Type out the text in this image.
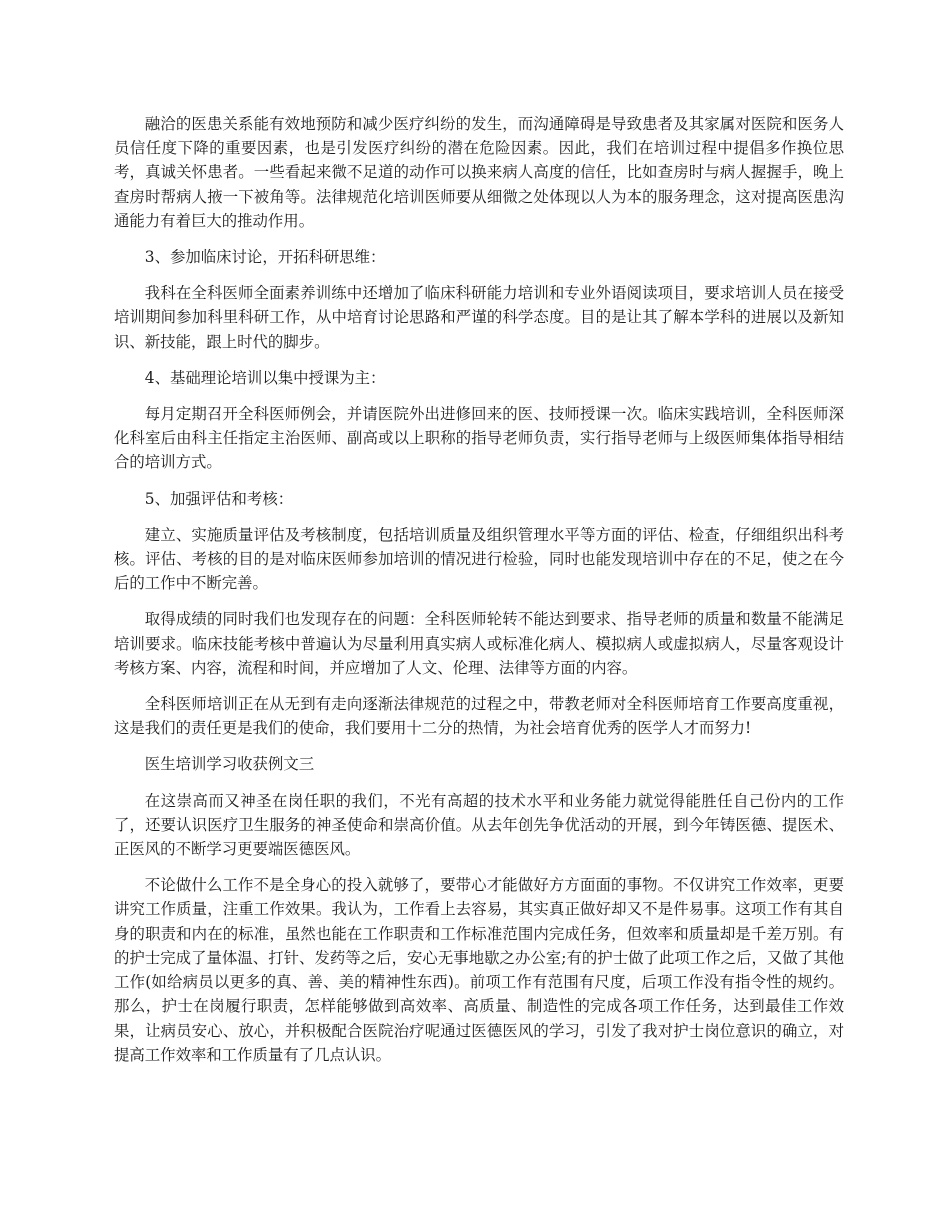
融洽的医患关系能有效地预防和减少医疗纠纷的发生，而沟通障碍是导致患者及其家属对医院和医务人员信任度下降的重要因素，也是引发医疗纠纷的潜在危险因素。因此，我们在培训过程中提倡多作换位思考，真诚关怀患者。一些看起来微不足道的动作可以换来病人高度的信任，比如查房时与病人握握手，晚上查房时帮病人掖一下被角等。法律规范化培训医师要从细微之处体现以人为本的服务理念，这对提高医患沟通能力有着巨大的推动作用。

3、参加临床讨论，开拓科研思维：

我科在全科医师全面素养训练中还增加了临床科研能力培训和专业外语阅读项目，要求培训人员在接受培训期间参加科里科研工作，从中培育讨论思路和严谨的科学态度。目的是让其了解本学科的进展以及新知识、新技能，跟上时代的脚步。

4、基础理论培训以集中授课为主：

每月定期召开全科医师例会，并请医院外出进修回来的医、技师授课一次。临床实践培训，全科医师深化科室后由科主任指定主治医师、副高或以上职称的指导老师负责，实行指导老师与上级医师集体指导相结合的培训方式。

5、加强评估和考核：

建立、实施质量评估及考核制度，包括培训质量及组织管理水平等方面的评估、检查，仔细组织出科考核。评估、考核的目的是对临床医师参加培训的情况进行检验，同时也能发现培训中存在的不足，使之在今后的工作中不断完善。

取得成绩的同时我们也发现存在的问题：全科医师轮转不能达到要求、指导老师的质量和数量不能满足培训要求。临床技能考核中普遍认为尽量利用真实病人或标准化病人、模拟病人或虚拟病人，尽量客观设计考核方案、内容，流程和时间，并应增加了人文、伦理、法律等方面的内容。

全科医师培训正在从无到有走向逐渐法律规范的过程之中，带教老师对全科医师培育工作要高度重视，这是我们的责任更是我们的使命，我们要用十二分的热情，为社会培育优秀的医学人才而努力!

医生培训学习收获例文三

在这崇高而又神圣在岗任职的我们，不光有高超的技术水平和业务能力就觉得能胜任自己份内的工作了，还要认识医疗卫生服务的神圣使命和崇高价值。从去年创先争优活动的开展，到今年铸医德、提医术、正医风的不断学习更要端医德医风。

不论做什么工作不是全身心的投入就够了，要带心才能做好方方面面的事物。不仅讲究工作效率，更要讲究工作质量，注重工作效果。我认为，工作看上去容易，其实真正做好却又不是件易事。这项工作有其自身的职责和内在的标准，虽然也能在工作职责和工作标准范围内完成任务，但效率和质量却是千差万别。有的护士完成了量体温、打针、发药等之后，安心无事地歇之办公室;有的护士做了此项工作之后，又做了其他工作(如给病员以更多的真、善、美的精神性东西)。前项工作有范围有尺度，后项工作没有指令性的规约。那么，护士在岗履行职责，怎样能够做到高效率、高质量、制造性的完成各项工作任务，达到最佳工作效果，让病员安心、放心，并积极配合医院治疗呢通过医德医风的学习，引发了我对护士岗位意识的确立，对提高工作效率和工作质量有了几点认识。
